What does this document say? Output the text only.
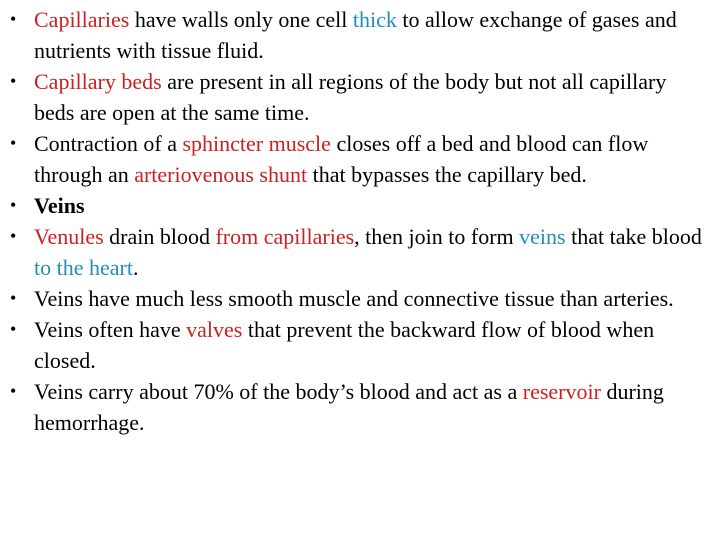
• Capillaries have walls only one cell thick to allow exchange of gases and nutrients with tissue fluid.
• Capillary beds are present in all regions of the body but not all capillary beds are open at the same time.
• Contraction of a sphincter muscle closes off a bed and blood can flow through an arteriovenous shunt that bypasses the capillary bed.
• Veins
• Venules drain blood from capillaries, then join to form veins that take blood to the heart.
• Veins have much less smooth muscle and connective tissue than arteries.
• Veins often have valves that prevent the backward flow of blood when closed.
• Veins carry about 70% of the body’s blood and act as a reservoir during hemorrhage.
